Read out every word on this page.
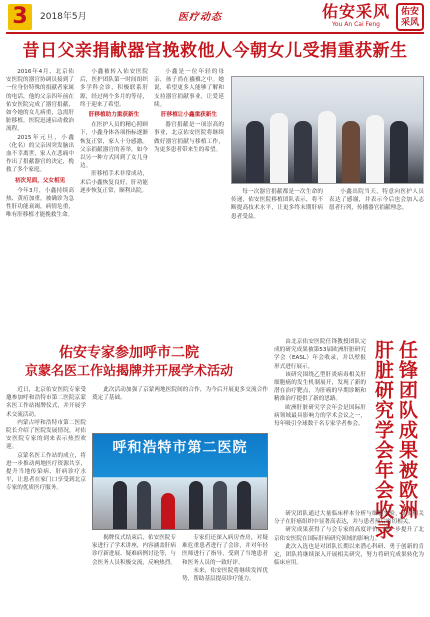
3	2018年5月	医疗动态	佑安采风
You An Cai Feng
佑安采风
昔日父亲捐献器官挽救他人今朝女儿受捐重获新生

2016年4月，北京佑安医院的器官协调员接到了一位身份特殊的捐献者家属的电话，他的父亲四年前在佑安医院完成了器官捐献，如今她的女儿病重，急需肝脏移植。医院迅速启动救治流程。

2015年元旦，小鑫（化名）的父亲因突发脑出血不幸离世，家人在悲痛中作出了捐献器官的决定，挽救了多个家庭。

初次见面，父女相见

今年3月，小鑫持续高热、黄疸加重，被确诊为急性肝功能衰竭，病情危重，唯有肝移植才能挽救生命。

小鑫被转入佑安医院后，医护团队第一时间组织多学科会诊，积极联系肝源，经过两个多月的等待，终于迎来了希望。

肝移植助力重获新生

在医护人员的精心照顾下，小鑫身体各项指标逐渐恢复正常，家人十分感激。父亲捐献器官的善举，如今以另一种方式回到了女儿身边。

肝移植手术非常成功，术后小鑫恢复良好，肝功能逐步恢复正常，顺利出院。

小鑫是一位年轻的母亲，孩子尚在襁褓之中。她说，希望更多人能够了解和支持器官捐献事业，让爱延续。

肝移植让小鑫重获新生

器官捐献是一项崇高的事业，北京佑安医院将继续做好器官捐献与移植工作，为更多患者带来生的希望。

每一次器官捐献都是一次生命的传递，佑安医院移植团队表示，将不断提高技术水平，让更多终末期肝病患者受益。

小鑫出院当天，特意向医护人员表达了感谢，并表示今后也会加入志愿者行列，传播器官捐献理念。

佑安专家参加呼市二院
京蒙名医工作站揭牌并开展学术活动

近日，北京佑安医院专家受邀参加呼和浩特市第二医院京蒙名医工作站揭牌仪式，并开展学术交流活动。

内蒙古呼和浩特市第二医院院长介绍了医院发展情况，对佑安医院专家的到来表示热烈欢迎。

京蒙名医工作站的成立，将进一步推动两地医疗资源共享，提升当地传染病、肝病诊疗水平，让患者在家门口享受到北京专家的优质医疗服务。

此次活动加强了京蒙两地医院间的合作，为今后开展更多交流合作奠定了基础。

呼和浩特市第二医院

揭牌仪式结束后，佑安医院专家进行了学术讲座，内容涵盖肝病诊疗新进展、疑难病例讨论等，与会医务人员积极交流，反响热烈。

专家们还深入病房查房，对疑难危重患者进行了会诊，并对年轻医师进行了指导，受到了当地患者和医务人员的一致好评。

未来，佑安医院将继续发挥优势，帮助基层提高诊疗能力。

由北京佑安医院任锋教授团队完成的研究成果被第53届欧洲肝脏研究学会（EASL）年会收录，并以壁报形式进行展示。

该研究围绕乙型肝炎病毒相关肝细胞癌的发生机制展开，发现了新的潜在治疗靶点，为肝癌的早期诊断和精准治疗提供了新的思路。

欧洲肝脏研究学会年会是国际肝病领域最具影响力的学术会议之一，每年吸引全球数千名专家学者参会。 任锋团队成果被欧洲
肝脏研究学会年会收录

研究团队通过大量临床样本分析与细胞实验，证实相关分子在肝癌组织中显著高表达，并与患者预后密切相关。

研究成果获得了与会专家的高度评价，进一步提升了北京佑安医院在国际肝病研究领域的影响力。

此次入选也是对团队长期以来潜心科研、勇于创新的肯定，团队将继续深入开展相关研究，努力将研究成果转化为临床应用。
